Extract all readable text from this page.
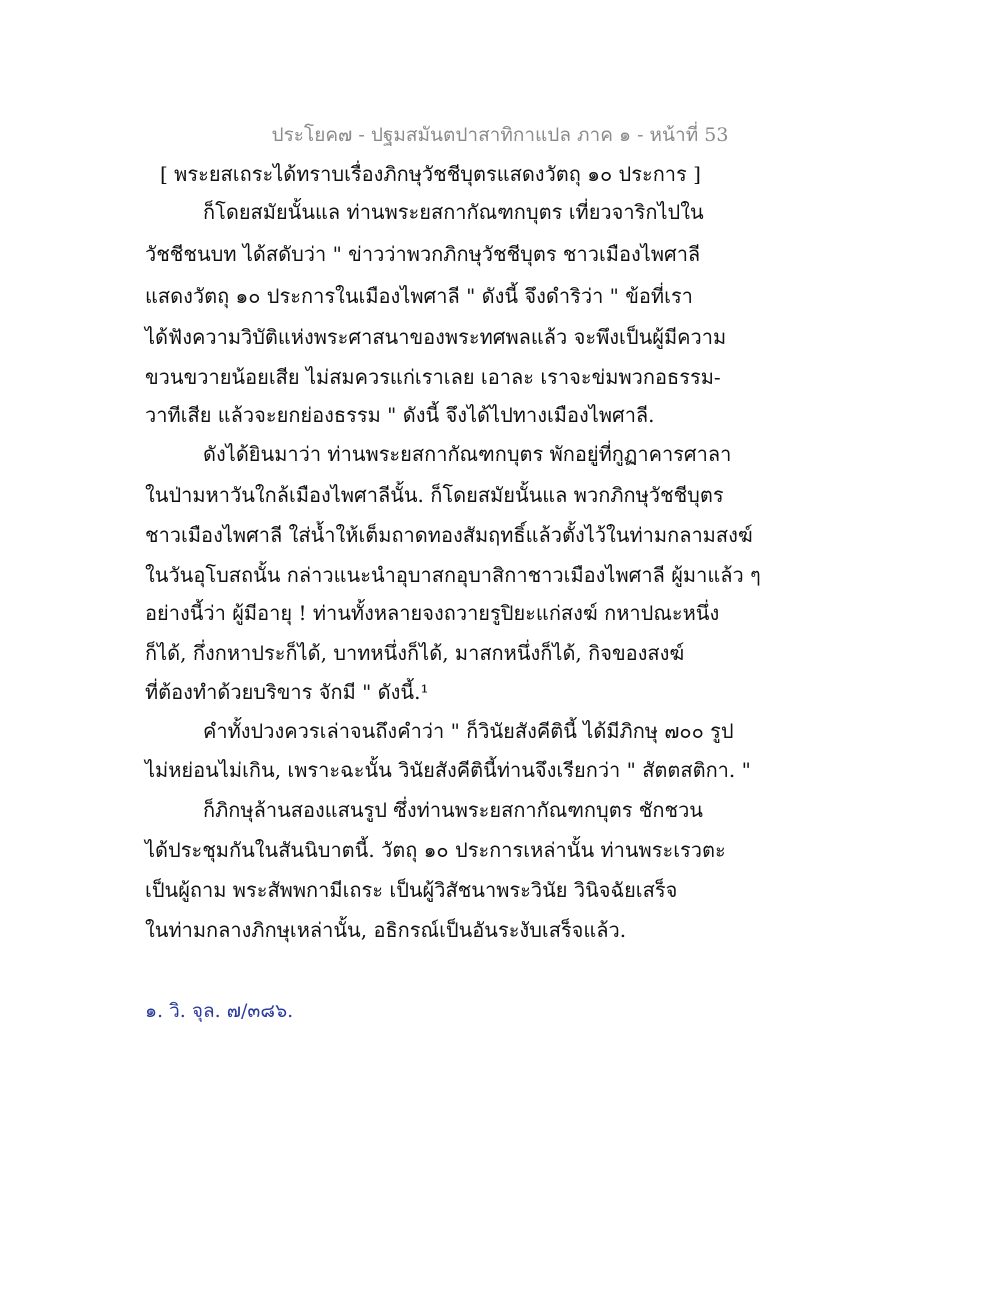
ประโยค๗ - ปฐมสมันตปาสาทิกาแปล ภาค ๑ - หน้าที่ 53
[ พระยสเถระได้ทราบเรื่องภิกษุวัชชีบุตรแสดงวัตถุ ๑๐ ประการ ]
ก็โดยสมัยนั้นแล ท่านพระยสกากัณฑกบุตร เที่ยวจาริกไปใน
วัชชีชนบท ได้สดับว่า " ข่าวว่าพวกภิกษุวัชชีบุตร ชาวเมืองไพศาลี
แสดงวัตถุ ๑๐ ประการในเมืองไพศาลี " ดังนี้ จึงดำริว่า " ข้อที่เรา
ได้ฟังความวิบัติแห่งพระศาสนาของพระทศพลแล้ว จะพึงเป็นผู้มีความ
ขวนขวายน้อยเสีย ไม่สมควรแก่เราเลย เอาละ เราจะข่มพวกอธรรม-
วาทีเสีย แล้วจะยกย่องธรรม " ดังนี้ จึงได้ไปทางเมืองไพศาลี.
ดังได้ยินมาว่า ท่านพระยสกากัณฑกบุตร พักอยู่ที่กูฏาคารศาลา
ในป่ามหาวันใกล้เมืองไพศาลีนั้น. ก็โดยสมัยนั้นแล พวกภิกษุวัชชีบุตร
ชาวเมืองไพศาลี ใส่น้ำให้เต็มถาดทองสัมฤทธิ์แล้วตั้งไว้ในท่ามกลามสงฆ์
ในวันอุโบสถนั้น กล่าวแนะนำอุบาสกอุบาสิกาชาวเมืองไพศาลี ผู้มาแล้ว ๆ
อย่างนี้ว่า ผู้มีอายุ ! ท่านทั้งหลายจงถวายรูปิยะแก่สงฆ์ กหาปณะหนึ่ง
ก็ได้, กึ่งกหาประก็ได้, บาทหนึ่งก็ได้, มาสกหนึ่งก็ได้, กิจของสงฆ์
ที่ต้องทำด้วยบริขาร จักมี " ดังนี้.¹
คำทั้งปวงควรเล่าจนถึงคำว่า " ก็วินัยสังคีตินี้ ได้มีภิกษุ ๗๐๐ รูป
ไม่หย่อนไม่เกิน, เพราะฉะนั้น วินัยสังคีตินี้ท่านจึงเรียกว่า " สัตตสติกา. "
ก็ภิกษุล้านสองแสนรูป ซึ่งท่านพระยสกากัณฑกบุตร ชักชวน
ได้ประชุมกันในสันนิบาตนี้. วัตถุ ๑๐ ประการเหล่านั้น ท่านพระเรวตะ
เป็นผู้ถาม พระสัพพกามีเถระ เป็นผู้วิสัชนาพระวินัย วินิจฉัยเสร็จ
ในท่ามกลางภิกษุเหล่านั้น, อธิกรณ์เป็นอันระงับเสร็จแล้ว.
๑. วิ. จุล. ๗/๓๘๖.
